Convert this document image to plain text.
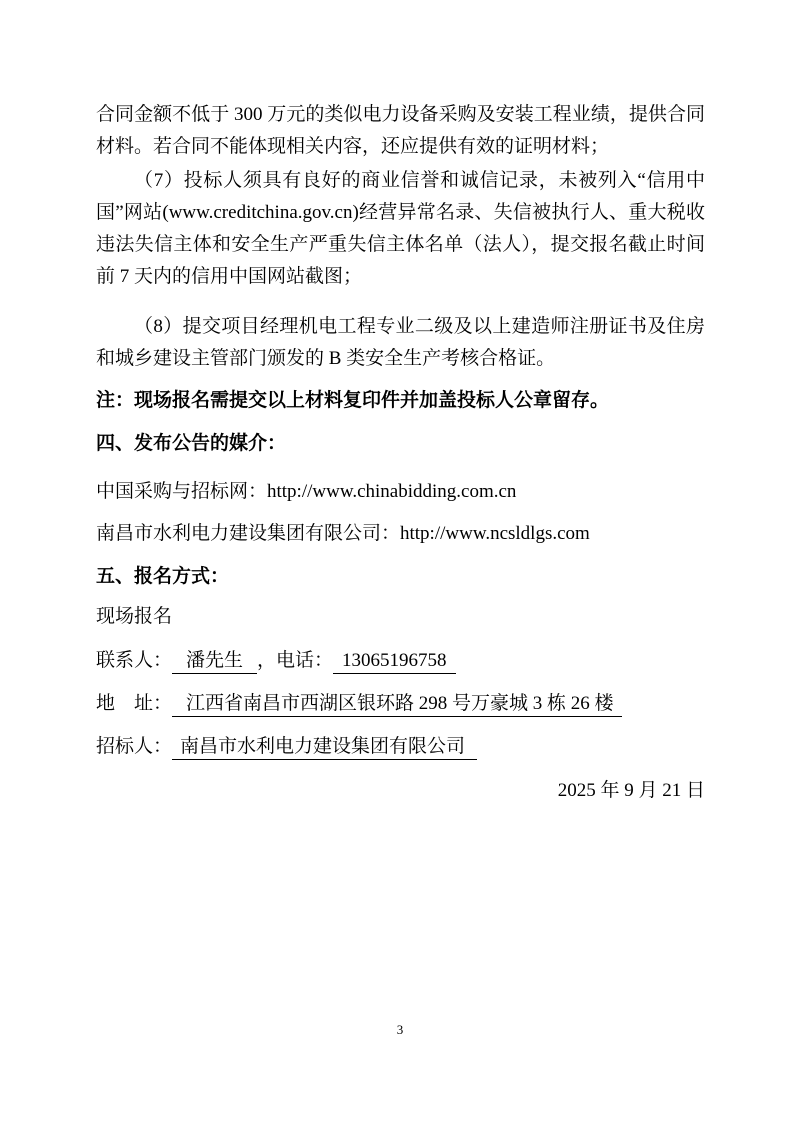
合同金额不低于 300 万元的类似电力设备采购及安装工程业绩，提供合同材料。若合同不能体现相关内容，还应提供有效的证明材料；

（7）投标人须具有良好的商业信誉和诚信记录，未被列入“信用中国”网站(www.creditchina.gov.cn)经营异常名录、失信被执行人、重大税收违法失信主体和安全生产严重失信主体名单（法人），提交报名截止时间前 7 天内的信用中国网站截图；

（8）提交项目经理机电工程专业二级及以上建造师注册证书及住房和城乡建设主管部门颁发的 B 类安全生产考核合格证。

注：现场报名需提交以上材料复印件并加盖投标人公章留存。

四、发布公告的媒介：

中国采购与招标网：http://www.chinabidding.com.cn

南昌市水利电力建设集团有限公司：http://www.ncsldlgs.com

五、报名方式：

现场报名

联系人： 潘先生 ，电话： 13065196758

地　址： 江西省南昌市西湖区银环路 298 号万豪城 3 栋 26 楼

招标人： 南昌市水利电力建设集团有限公司

2025 年 9 月 21 日

3
